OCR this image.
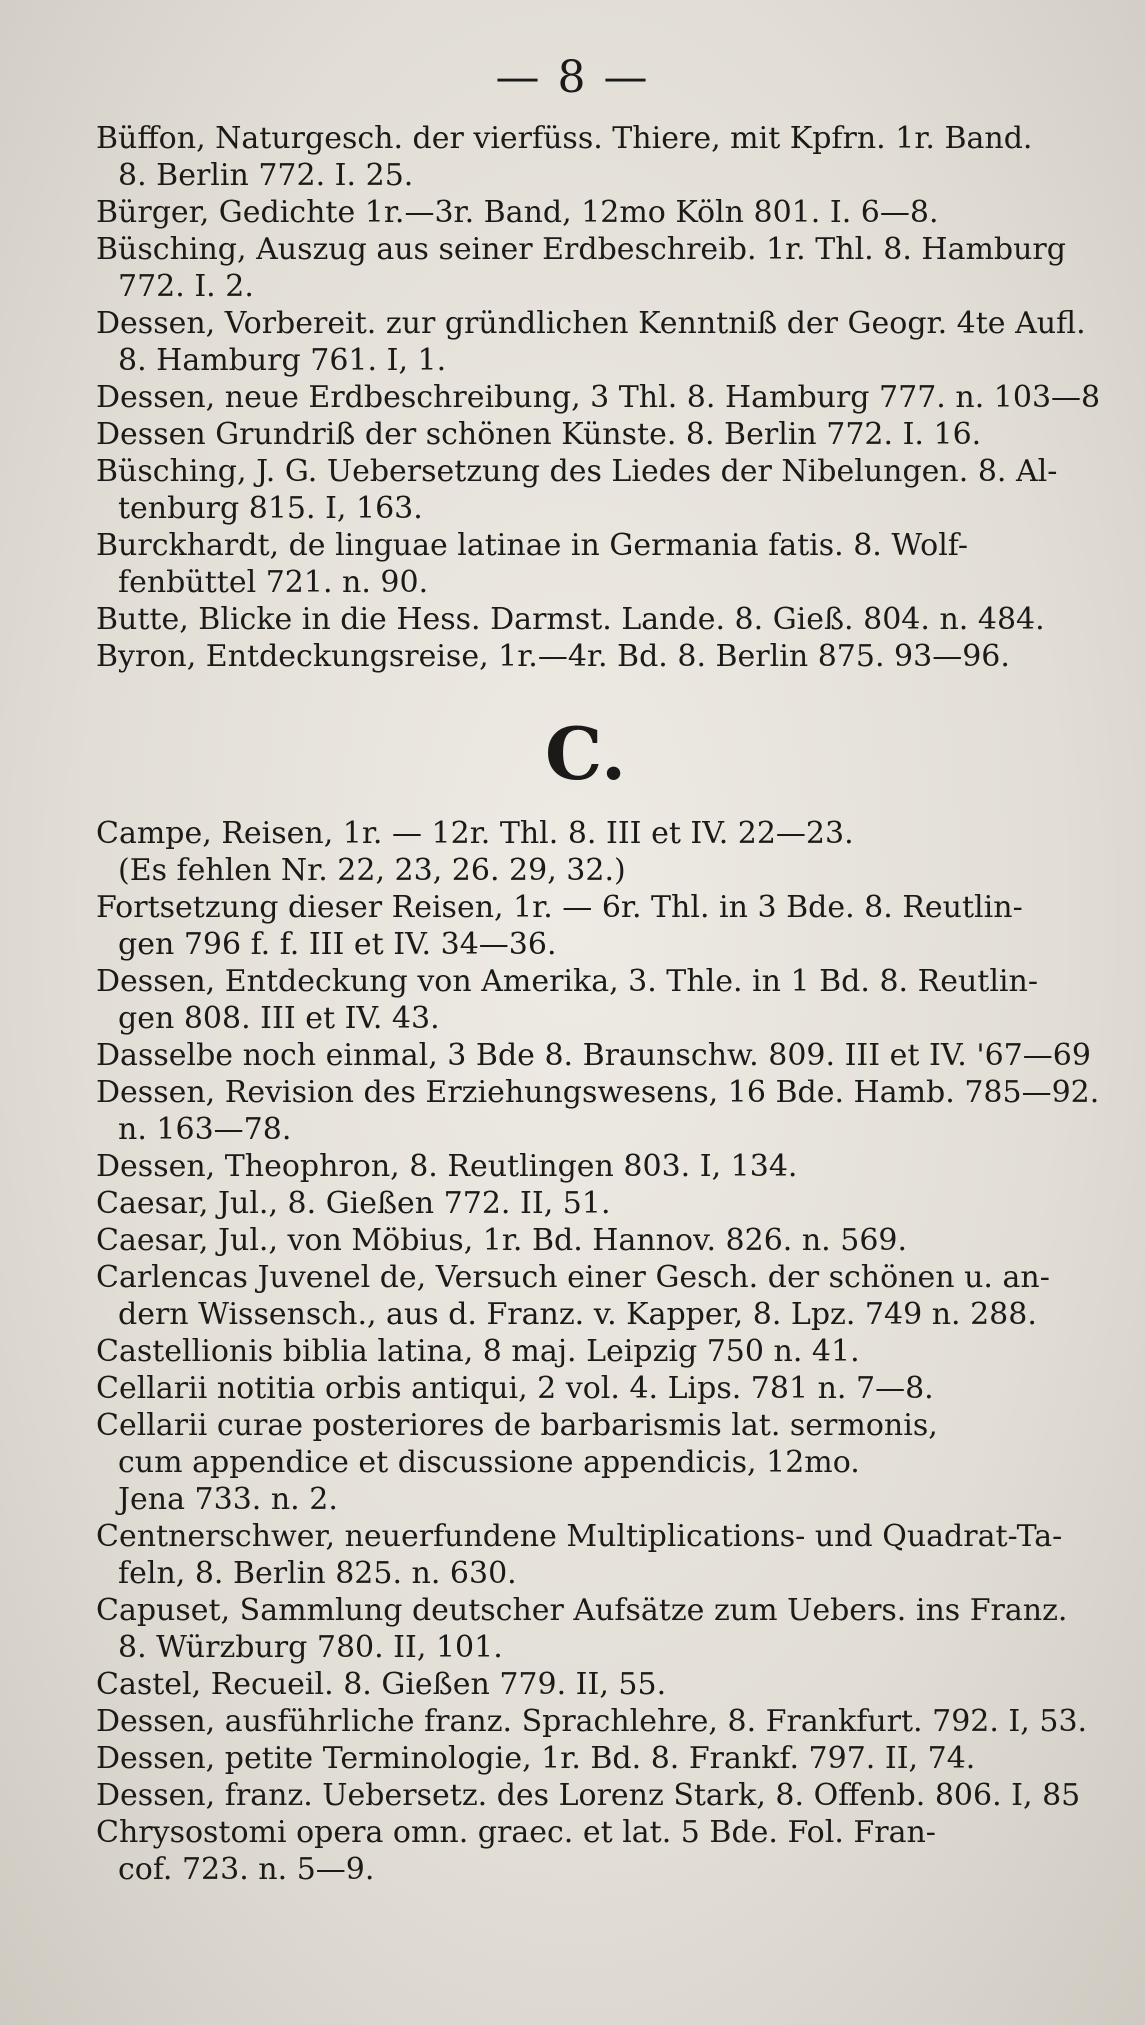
— 8 —
Büffon, Naturgesch. der vierfüss. Thiere, mit Kpfrn. 1r. Band.
8. Berlin 772. I. 25.
Bürger, Gedichte 1r.—3r. Band, 12mo Köln 801. I. 6—8.
Büsching, Auszug aus seiner Erdbeschreib. 1r. Thl. 8. Hamburg
772. I. 2.
Dessen, Vorbereit. zur gründlichen Kenntniß der Geogr. 4te Aufl.
8. Hamburg 761. I, 1.
Dessen, neue Erdbeschreibung, 3 Thl. 8. Hamburg 777. n. 103—8
Dessen Grundriß der schönen Künste. 8. Berlin 772. I. 16.
Büsching, J. G. Uebersetzung des Liedes der Nibelungen. 8. Al-
tenburg 815. I, 163.
Burckhardt, de linguae latinae in Germania fatis. 8. Wolf-
fenbüttel 721. n. 90.
Butte, Blicke in die Hess. Darmst. Lande. 8. Gieß. 804. n. 484.
Byron, Entdeckungsreise, 1r.—4r. Bd. 8. Berlin 875. 93—96.
C.
Campe, Reisen, 1r. — 12r. Thl. 8. III et IV. 22—23.
(Es fehlen Nr. 22, 23, 26. 29, 32.)
Fortsetzung dieser Reisen, 1r. — 6r. Thl. in 3 Bde. 8. Reutlin-
gen 796 f. f. III et IV. 34—36.
Dessen, Entdeckung von Amerika, 3. Thle. in 1 Bd. 8. Reutlin-
gen 808. III et IV. 43.
Dasselbe noch einmal, 3 Bde 8. Braunschw. 809. III et IV. '67—69
Dessen, Revision des Erziehungswesens, 16 Bde. Hamb. 785—92.
n. 163—78.
Dessen, Theophron, 8. Reutlingen 803. I, 134.
Caesar, Jul., 8. Gießen 772. II, 51.
Caesar, Jul., von Möbius, 1r. Bd. Hannov. 826. n. 569.
Carlencas Juvenel de, Versuch einer Gesch. der schönen u. an-
dern Wissensch., aus d. Franz. v. Kapper, 8. Lpz. 749 n. 288.
Castellionis biblia latina, 8 maj. Leipzig 750 n. 41.
Cellarii notitia orbis antiqui, 2 vol. 4. Lips. 781 n. 7—8.
Cellarii curae posteriores de barbarismis lat. sermonis,
cum appendice et discussione appendicis, 12mo.
Jena 733. n. 2.
Centnerschwer, neuerfundene Multiplications- und Quadrat-Ta-
feln, 8. Berlin 825. n. 630.
Capuset, Sammlung deutscher Aufsätze zum Uebers. ins Franz.
8. Würzburg 780. II, 101.
Castel, Recueil. 8. Gießen 779. II, 55.
Dessen, ausführliche franz. Sprachlehre, 8. Frankfurt. 792. I, 53.
Dessen, petite Terminologie, 1r. Bd. 8. Frankf. 797. II, 74.
Dessen, franz. Uebersetz. des Lorenz Stark, 8. Offenb. 806. I, 85
Chrysostomi opera omn. graec. et lat. 5 Bde. Fol. Fran-
cof. 723. n. 5—9.
